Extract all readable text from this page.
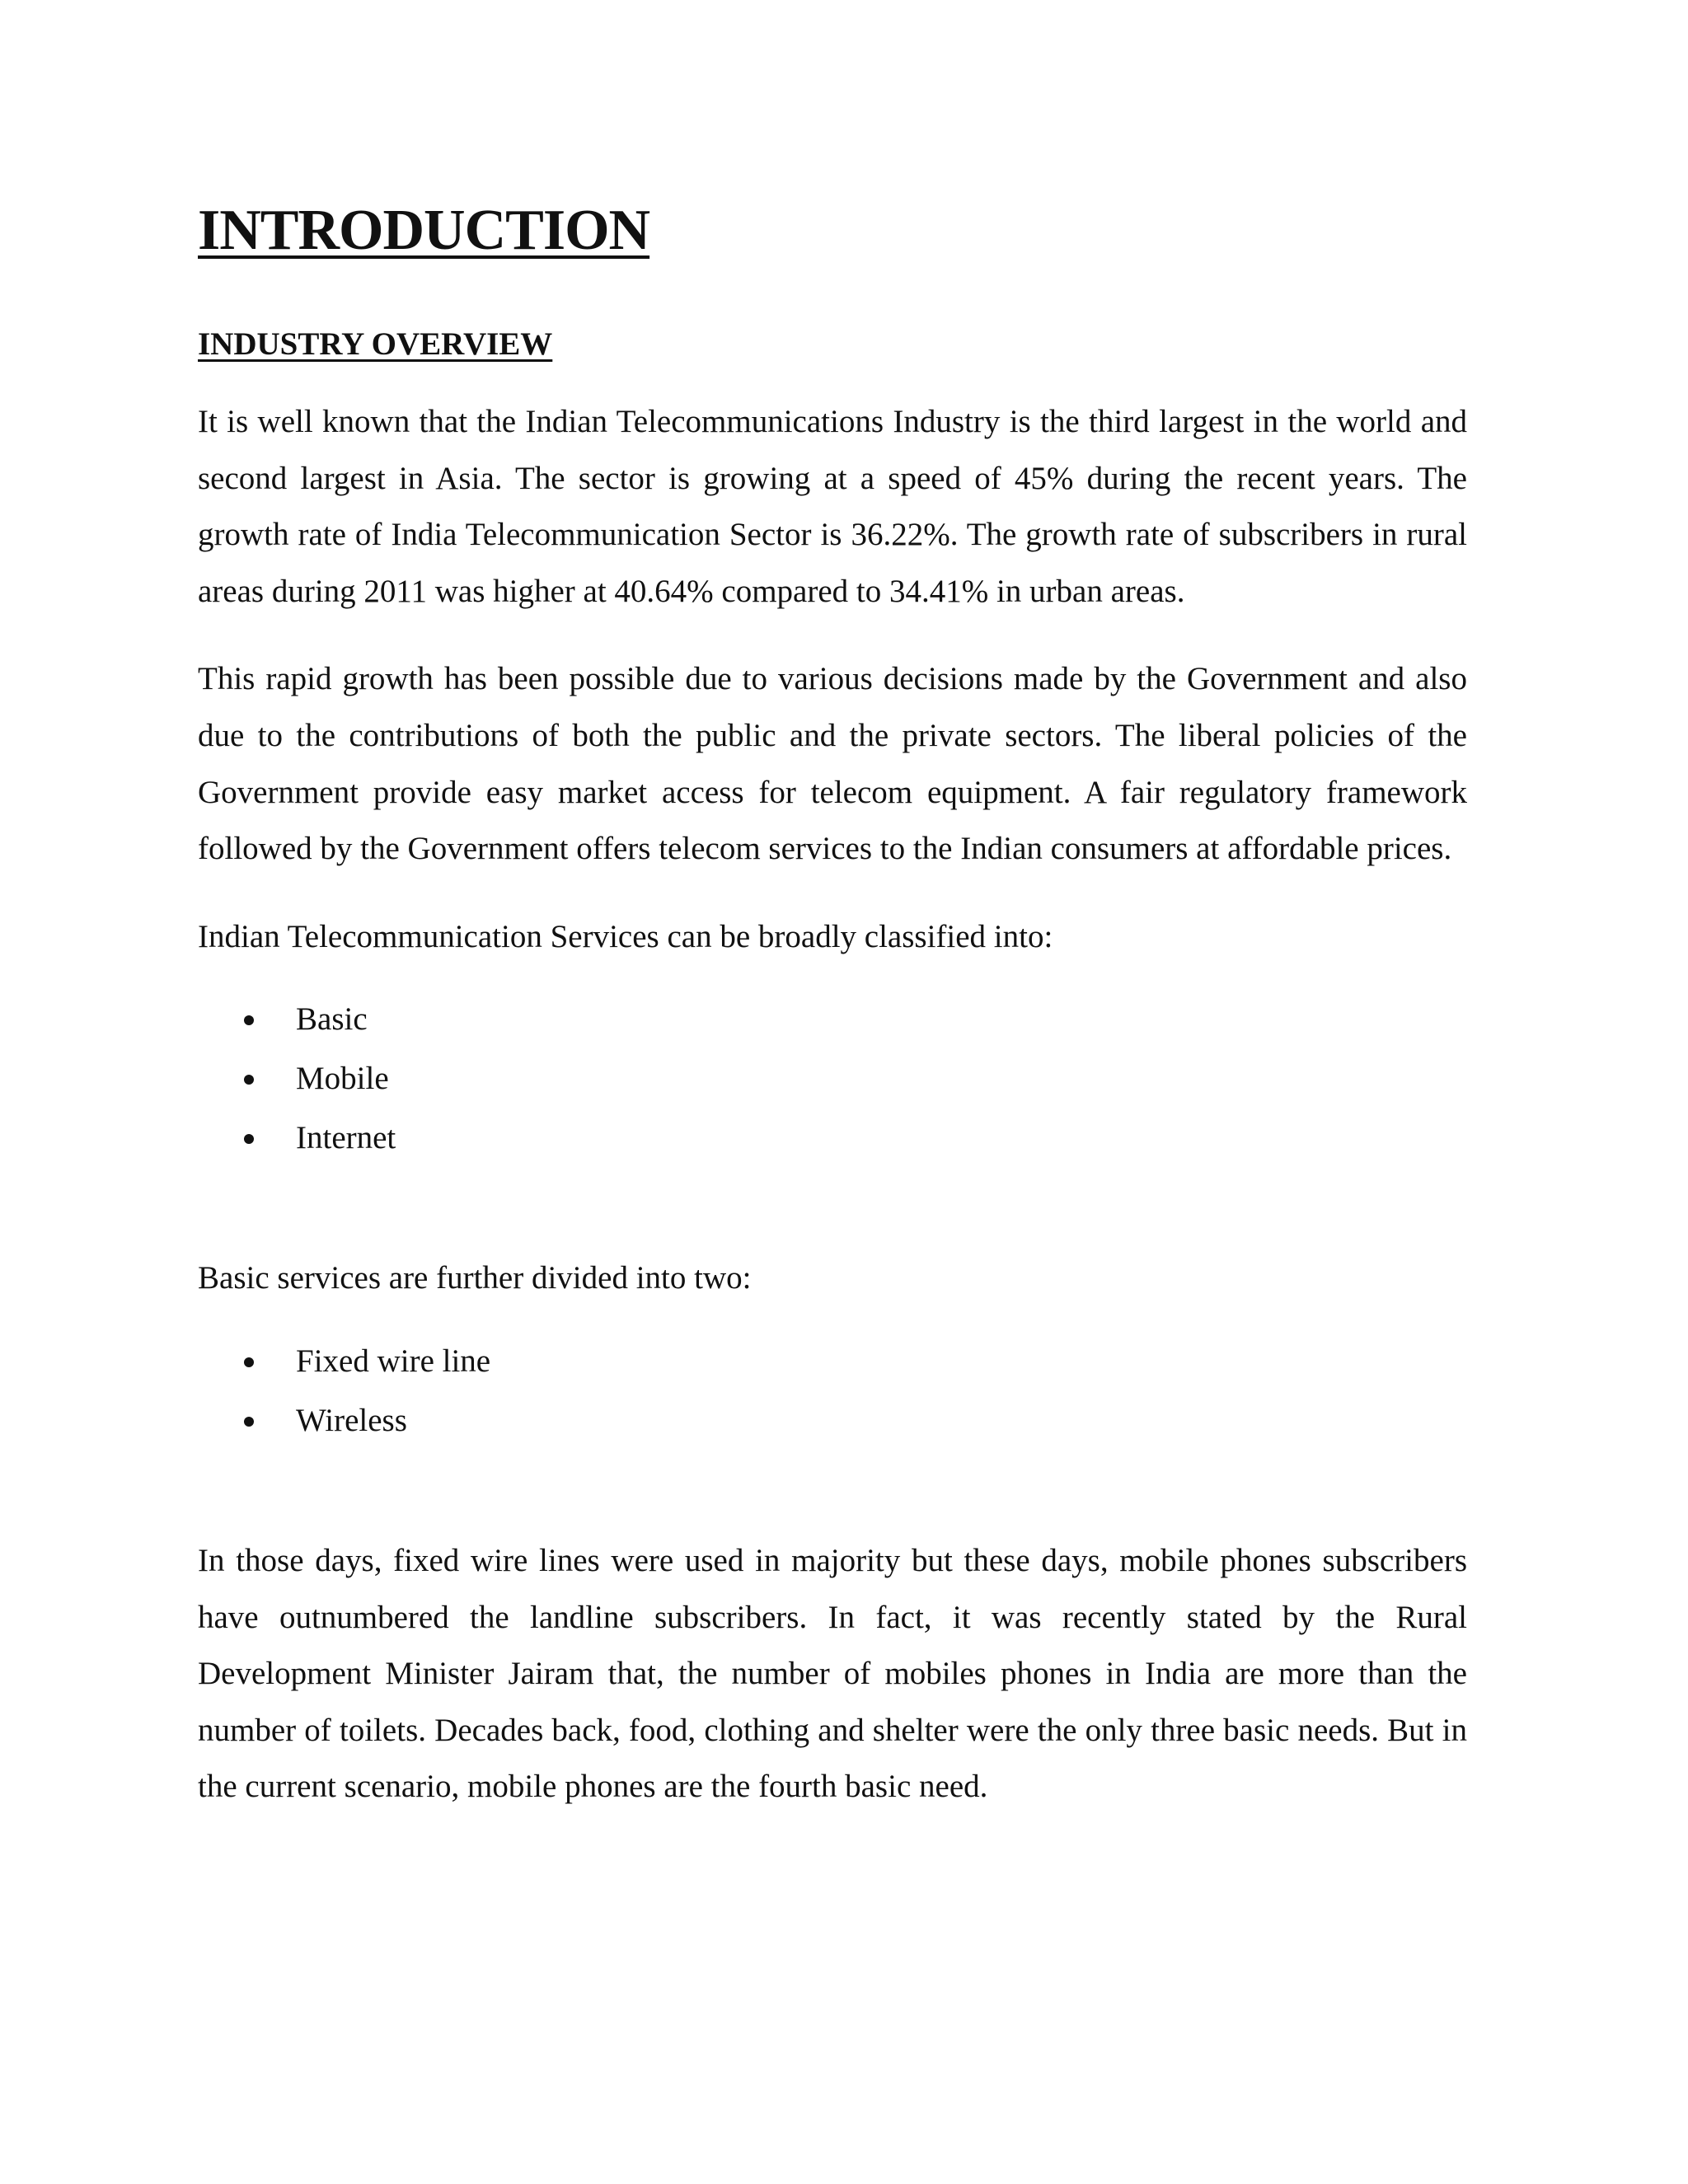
INTRODUCTION
INDUSTRY OVERVIEW

It is well known that the Indian Telecommunications Industry is the third largest in the world and second largest in Asia. The sector is growing at a speed of 45% during the recent years. The growth rate of India Telecommunication Sector is 36.22%. The growth rate of subscribers in rural areas during 2011 was higher at 40.64% compared to 34.41% in urban areas.

This rapid growth has been possible due to various decisions made by the Government and also due to the contributions of both the public and the private sectors. The liberal policies of the Government provide easy market access for telecom equipment. A fair regulatory framework followed by the Government offers telecom services to the Indian consumers at affordable prices.

Indian Telecommunication Services can be broadly classified into:

Basic
Mobile
Internet

Basic services are further divided into two:

Fixed wire line
Wireless

In those days, fixed wire lines were used in majority but these days, mobile phones subscribers have outnumbered the landline subscribers. In fact, it was recently stated by the Rural Development Minister Jairam that, the number of mobiles phones in India are more than the number of toilets. Decades back, food, clothing and shelter were the only three basic needs. But in the current scenario, mobile phones are the fourth basic need.
